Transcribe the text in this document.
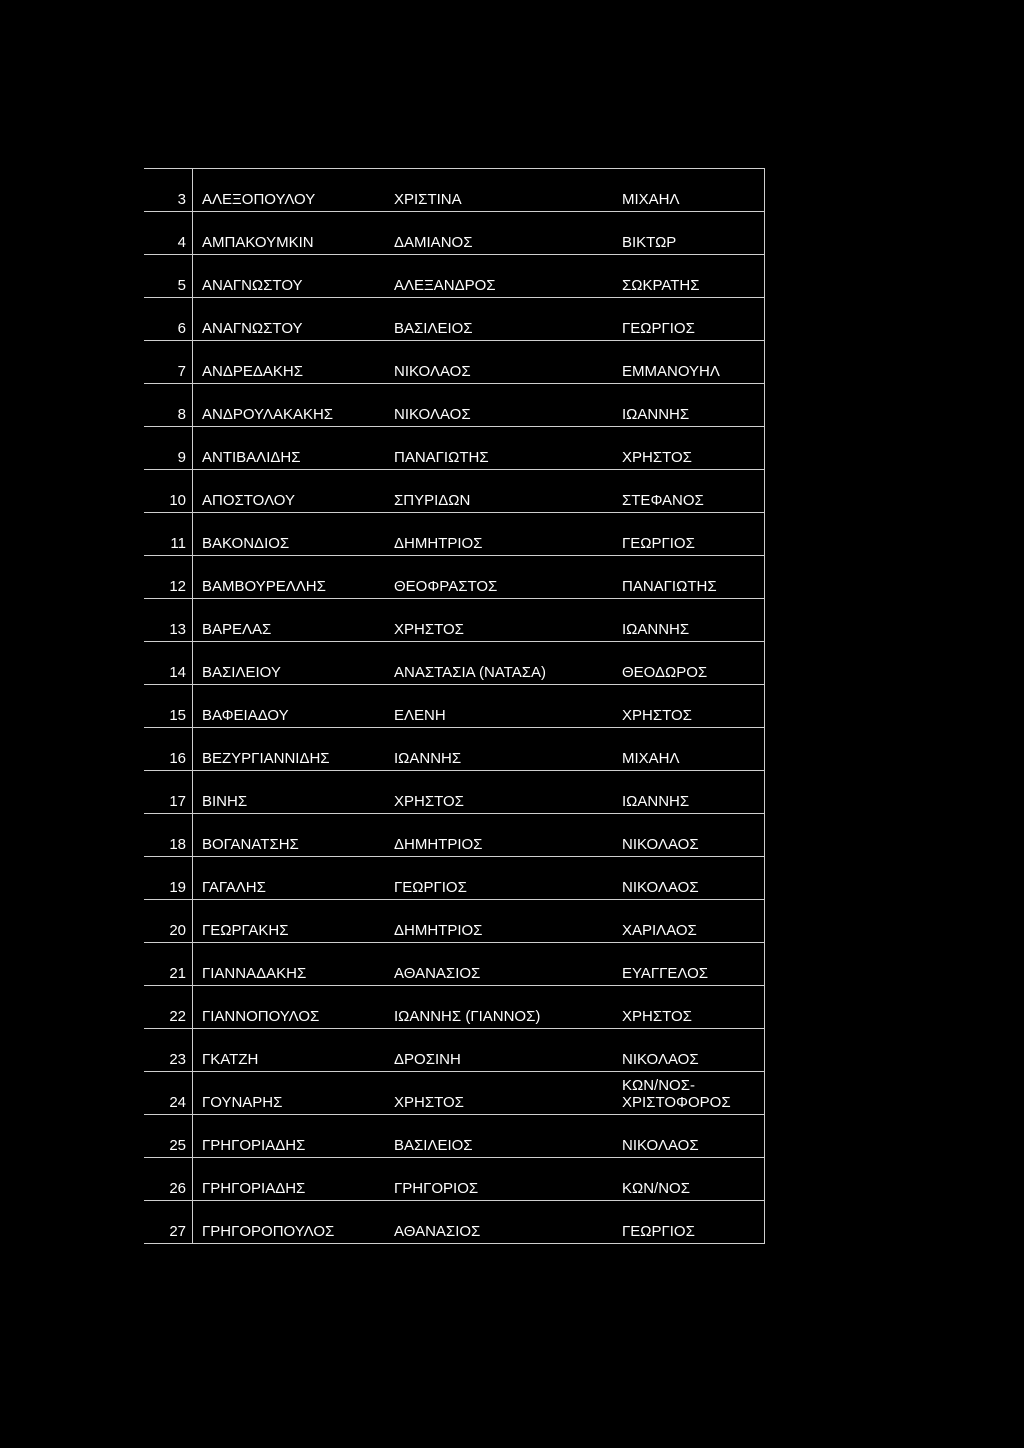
3	ΑΛΕΞΟΠΟΥΛΟΥ	ΧΡΙΣΤΙΝΑ	ΜΙΧΑΗΛ
4	ΑΜΠΑΚΟΥΜΚΙΝ	ΔΑΜΙΑΝΟΣ	ΒΙΚΤΩΡ
5	ΑΝΑΓΝΩΣΤΟΥ	ΑΛΕΞΑΝΔΡΟΣ	ΣΩΚΡΑΤΗΣ
6	ΑΝΑΓΝΩΣΤΟΥ	ΒΑΣΙΛΕΙΟΣ	ΓΕΩΡΓΙΟΣ
7	ΑΝΔΡΕΔΑΚΗΣ	ΝΙΚΟΛΑΟΣ	ΕΜΜΑΝΟΥΗΛ
8	ΑΝΔΡΟΥΛΑΚΑΚΗΣ	ΝΙΚΟΛΑΟΣ	ΙΩΑΝΝΗΣ
9	ΑΝΤΙΒΑΛΙΔΗΣ	ΠΑΝΑΓΙΩΤΗΣ	ΧΡΗΣΤΟΣ
10	ΑΠΟΣΤΟΛΟΥ	ΣΠΥΡΙΔΩΝ	ΣΤΕΦΑΝΟΣ
11	ΒΑΚΟΝΔΙΟΣ	ΔΗΜΗΤΡΙΟΣ	ΓΕΩΡΓΙΟΣ
12	ΒΑΜΒΟΥΡΕΛΛΗΣ	ΘΕΟΦΡΑΣΤΟΣ	ΠΑΝΑΓΙΩΤΗΣ
13	ΒΑΡΕΛΑΣ	ΧΡΗΣΤΟΣ	ΙΩΑΝΝΗΣ
14	ΒΑΣΙΛΕΙΟΥ	ΑΝΑΣΤΑΣΙΑ (ΝΑΤΑΣΑ)	ΘΕΟΔΩΡΟΣ
15	ΒΑΦΕΙΑΔΟΥ	ΕΛΕΝΗ	ΧΡΗΣΤΟΣ
16	ΒΕΖΥΡΓΙΑΝΝΙΔΗΣ	ΙΩΑΝΝΗΣ	ΜΙΧΑΗΛ
17	ΒΙΝΗΣ	ΧΡΗΣΤΟΣ	ΙΩΑΝΝΗΣ
18	ΒΟΓΑΝΑΤΣΗΣ	ΔΗΜΗΤΡΙΟΣ	ΝΙΚΟΛΑΟΣ
19	ΓΑΓΑΛΗΣ	ΓΕΩΡΓΙΟΣ	ΝΙΚΟΛΑΟΣ
20	ΓΕΩΡΓΑΚΗΣ	ΔΗΜΗΤΡΙΟΣ	ΧΑΡΙΛΑΟΣ
21	ΓΙΑΝΝΑΔΑΚΗΣ	ΑΘΑΝΑΣΙΟΣ	ΕΥΑΓΓΕΛΟΣ
22	ΓΙΑΝΝΟΠΟΥΛΟΣ	ΙΩΑΝΝΗΣ (ΓΙΑΝΝΟΣ)	ΧΡΗΣΤΟΣ
23	ΓΚΑΤΖΗ	ΔΡΟΣΙΝΗ	ΝΙΚΟΛΑΟΣ
24	ΓΟΥΝΑΡΗΣ	ΧΡΗΣΤΟΣ	ΚΩΝ/ΝΟΣ-​ΧΡΙΣΤΟΦΟΡΟΣ
25	ΓΡΗΓΟΡΙΑΔΗΣ	ΒΑΣΙΛΕΙΟΣ	ΝΙΚΟΛΑΟΣ
26	ΓΡΗΓΟΡΙΑΔΗΣ	ΓΡΗΓΟΡΙΟΣ	ΚΩΝ/ΝΟΣ
27	ΓΡΗΓΟΡΟΠΟΥΛΟΣ	ΑΘΑΝΑΣΙΟΣ	ΓΕΩΡΓΙΟΣ
